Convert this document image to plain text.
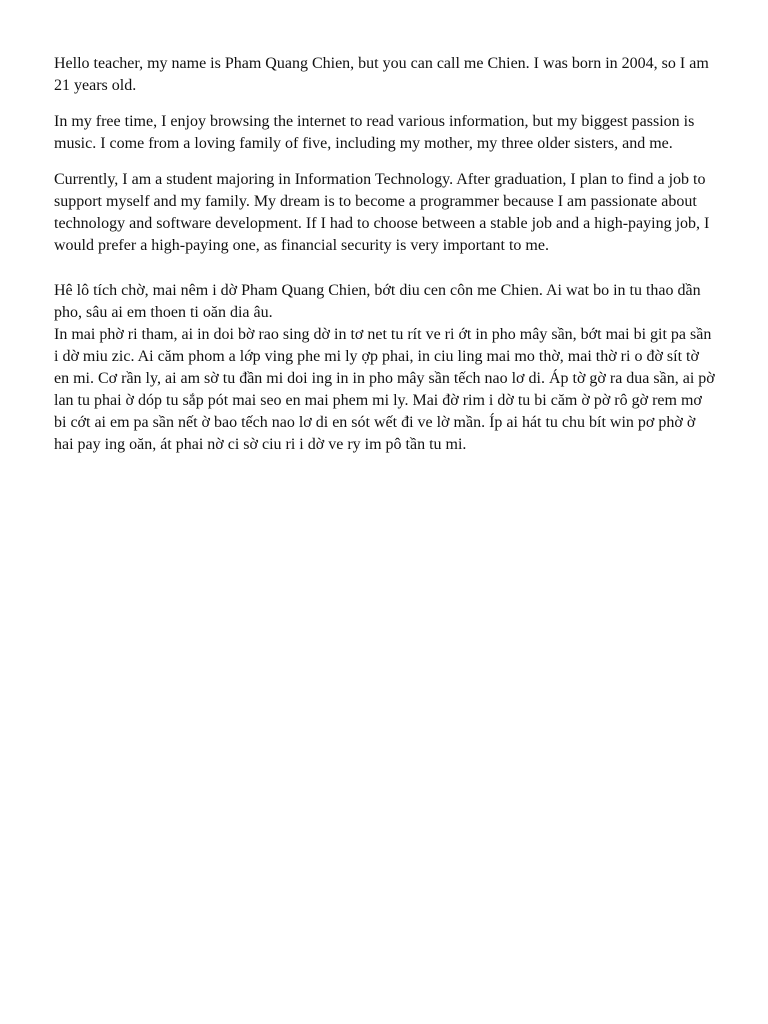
Hello teacher, my name is Pham Quang Chien, but you can call me Chien. I was born in 2004, so I am 21 years old.

In my free time, I enjoy browsing the internet to read various information, but my biggest passion is music. I come from a loving family of five, including my mother, my three older sisters, and me.

Currently, I am a student majoring in Information Technology. After graduation, I plan to find a job to support myself and my family. My dream is to become a programmer because I am passionate about technology and software development. If I had to choose between a stable job and a high-paying job, I would prefer a high-paying one, as financial security is very important to me.

Hê lô tích chờ, mai nêm i dờ Pham Quang Chien, bớt diu cen côn me Chien. Ai wat bo in tu thao dần pho, sâu ai em thoen ti oăn dia âu.

In mai phờ ri tham, ai in doi bờ rao sing dờ in tơ net tu rít ve ri ớt in pho mây sần, bớt mai bi git pa sần i dờ miu zic. Ai căm phom a lớp ving phe mi ly ợp phai, in ciu ling mai mo thờ, mai thờ ri o đờ sít tờ en mi. Cơ rần ly, ai am sờ tu đần mi doi ing in in pho mây sần tếch nao lơ di. Áp tờ gờ ra dua sần, ai pờ lan tu phai ờ dóp tu sắp pót mai seo en mai phem mi ly. Mai đờ rim i dờ tu bi căm ờ pờ rô gờ rem mơ bi cớt ai em pa sần nết ờ bao tếch nao lơ di en sót wết đi ve lờ mần. Íp ai hát tu chu bít win pơ phờ ờ hai pay ing oăn, át phai nờ ci sờ ciu ri i dờ ve ry im pô tần tu mi.
